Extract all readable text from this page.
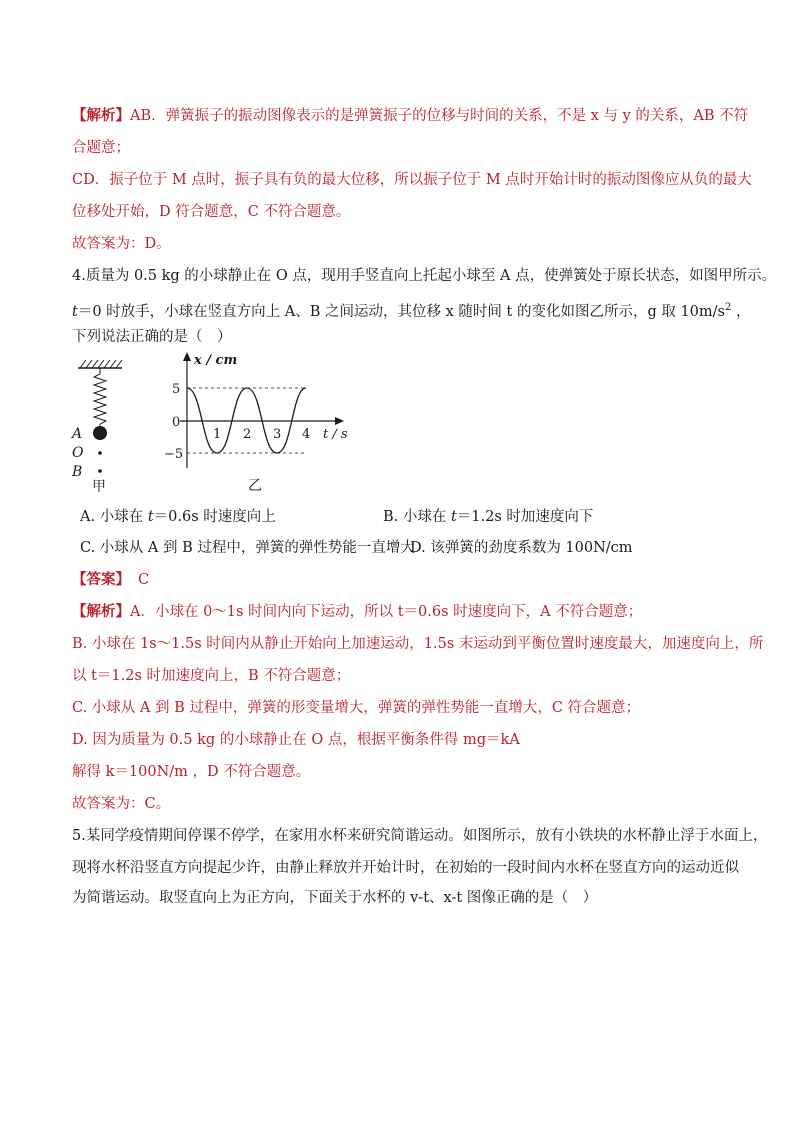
【解析】AB．弹簧振子的振动图像表示的是弹簧振子的位移与时间的关系，不是 x 与 y 的关系，AB 不符
合题意；
CD．振子位于 M 点时，振子具有负的最大位移，所以振子位于 M 点时开始计时的振动图像应从负的最大
位移处开始，D 符合题意，C 不符合题意。
故答案为：D。
4.质量为 0.5 kg 的小球静止在 O 点，现用手竖直向上托起小球至 A 点，使弹簧处于原长状态，如图甲所示。
t＝0 时放手，小球在竖直方向上 A、B 之间运动，其位移 x 随时间 t 的变化如图乙所示，g 取 $10m/s^2$ ，
下列说法正确的是（　）
A
O
B
甲
x / cm
5
0
−5
1 2 3 4 t / s
乙
A. 小球在 t＝0.6s 时速度向上	B. 小球在 t＝1.2s 时加速度向下
C. 小球从 A 到 B 过程中，弹簧的弹性势能一直增大
D. 该弹簧的劲度系数为 100N/cm
【答案】 C
【解析】A．小球在 0～1s 时间内向下运动，所以 t＝0.6s 时速度向下，A 不符合题意；
B. 小球在 1s～1.5s 时间内从静止开始向上加速运动，1.5s 末运动到平衡位置时速度最大，加速度向上，所
以 t＝1.2s 时加速度向上，B 不符合题意；
C. 小球从 A 到 B 过程中，弹簧的形变量增大，弹簧的弹性势能一直增大，C 符合题意；
D. 因为质量为 0.5 kg 的小球静止在 O 点，根据平衡条件得 mg＝kA
解得 k＝100N/m ，D 不符合题意。
故答案为：C。
5.某同学疫情期间停课不停学，在家用水杯来研究简谐运动。如图所示，放有小铁块的水杯静止浮于水面上，
现将水杯沿竖直方向提起少许，由静止释放并开始计时，在初始的一段时间内水杯在竖直方向的运动近似
为简谐运动。取竖直向上为正方向，下面关于水杯的 v-t、x-t 图像正确的是（　）
